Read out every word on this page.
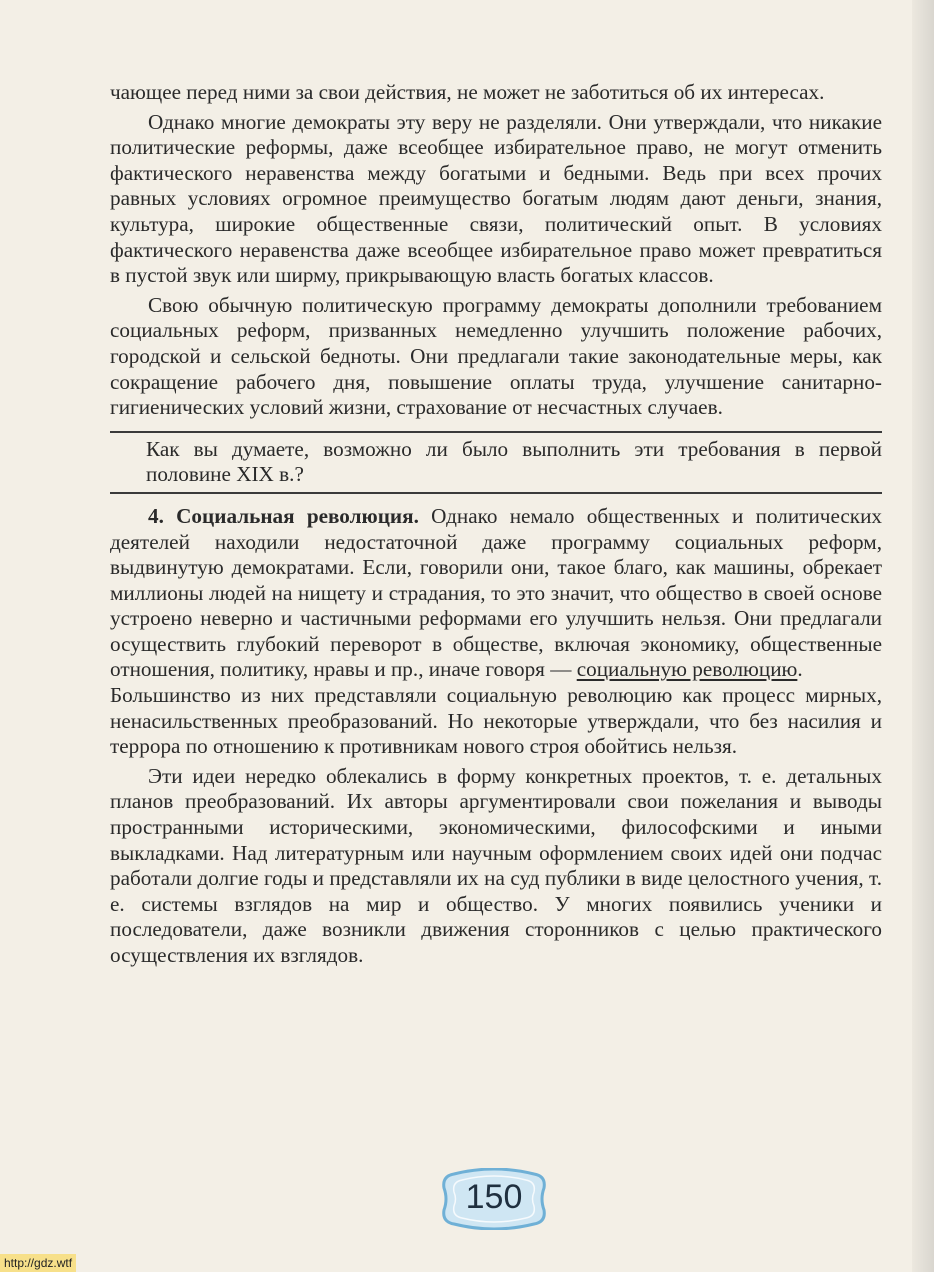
чающее перед ними за свои действия, не может не заботиться об их интересах.

Однако многие демократы эту веру не разделяли. Они утверждали, что никакие политические реформы, даже всеобщее избирательное право, не могут отменить фактического неравенства между богатыми и бедными. Ведь при всех прочих равных условиях огромное преимущество богатым людям дают деньги, знания, культура, широкие общественные связи, политический опыт. В условиях фактического неравенства даже всеобщее избирательное право может превратиться в пустой звук или ширму, прикрывающую власть богатых классов.

Свою обычную политическую программу демократы дополнили требованием социальных реформ, призванных немедленно улучшить положение рабочих, городской и сельской бедноты. Они предлагали такие законодательные меры, как сокращение рабочего дня, повышение оплаты труда, улучшение санитарно-гигиенических условий жизни, страхование от несчастных случаев.

Как вы думаете, возможно ли было выполнить эти требования в первой половине XIX в.?

4. Социальная революция. Однако немало общественных и политических деятелей находили недостаточной даже программу социальных реформ, выдвинутую демократами. Если, говорили они, такое благо, как машины, обрекает миллионы людей на нищету и страдания, то это значит, что общество в своей основе устроено неверно и частичными реформами его улучшить нельзя. Они предлагали осуществить глубокий переворот в обществе, включая экономику, общественные отношения, политику, нравы и пр., иначе говоря — социальную революцию.

Большинство из них представляли социальную революцию как процесс мирных, ненасильственных преобразований. Но некоторые утверждали, что без насилия и террора по отношению к противникам нового строя обойтись нельзя.

Эти идеи нередко облекались в форму конкретных проектов, т. е. детальных планов преобразований. Их авторы аргументировали свои пожелания и выводы пространными историческими, экономическими, философскими и иными выкладками. Над литературным или научным оформлением своих идей они подчас работали долгие годы и представляли их на суд публики в виде целостного учения, т. е. системы взглядов на мир и общество. У многих появились ученики и последователи, даже возникли движения сторонников с целью практического осуществления их взглядов.

150
http://gdz.wtf
